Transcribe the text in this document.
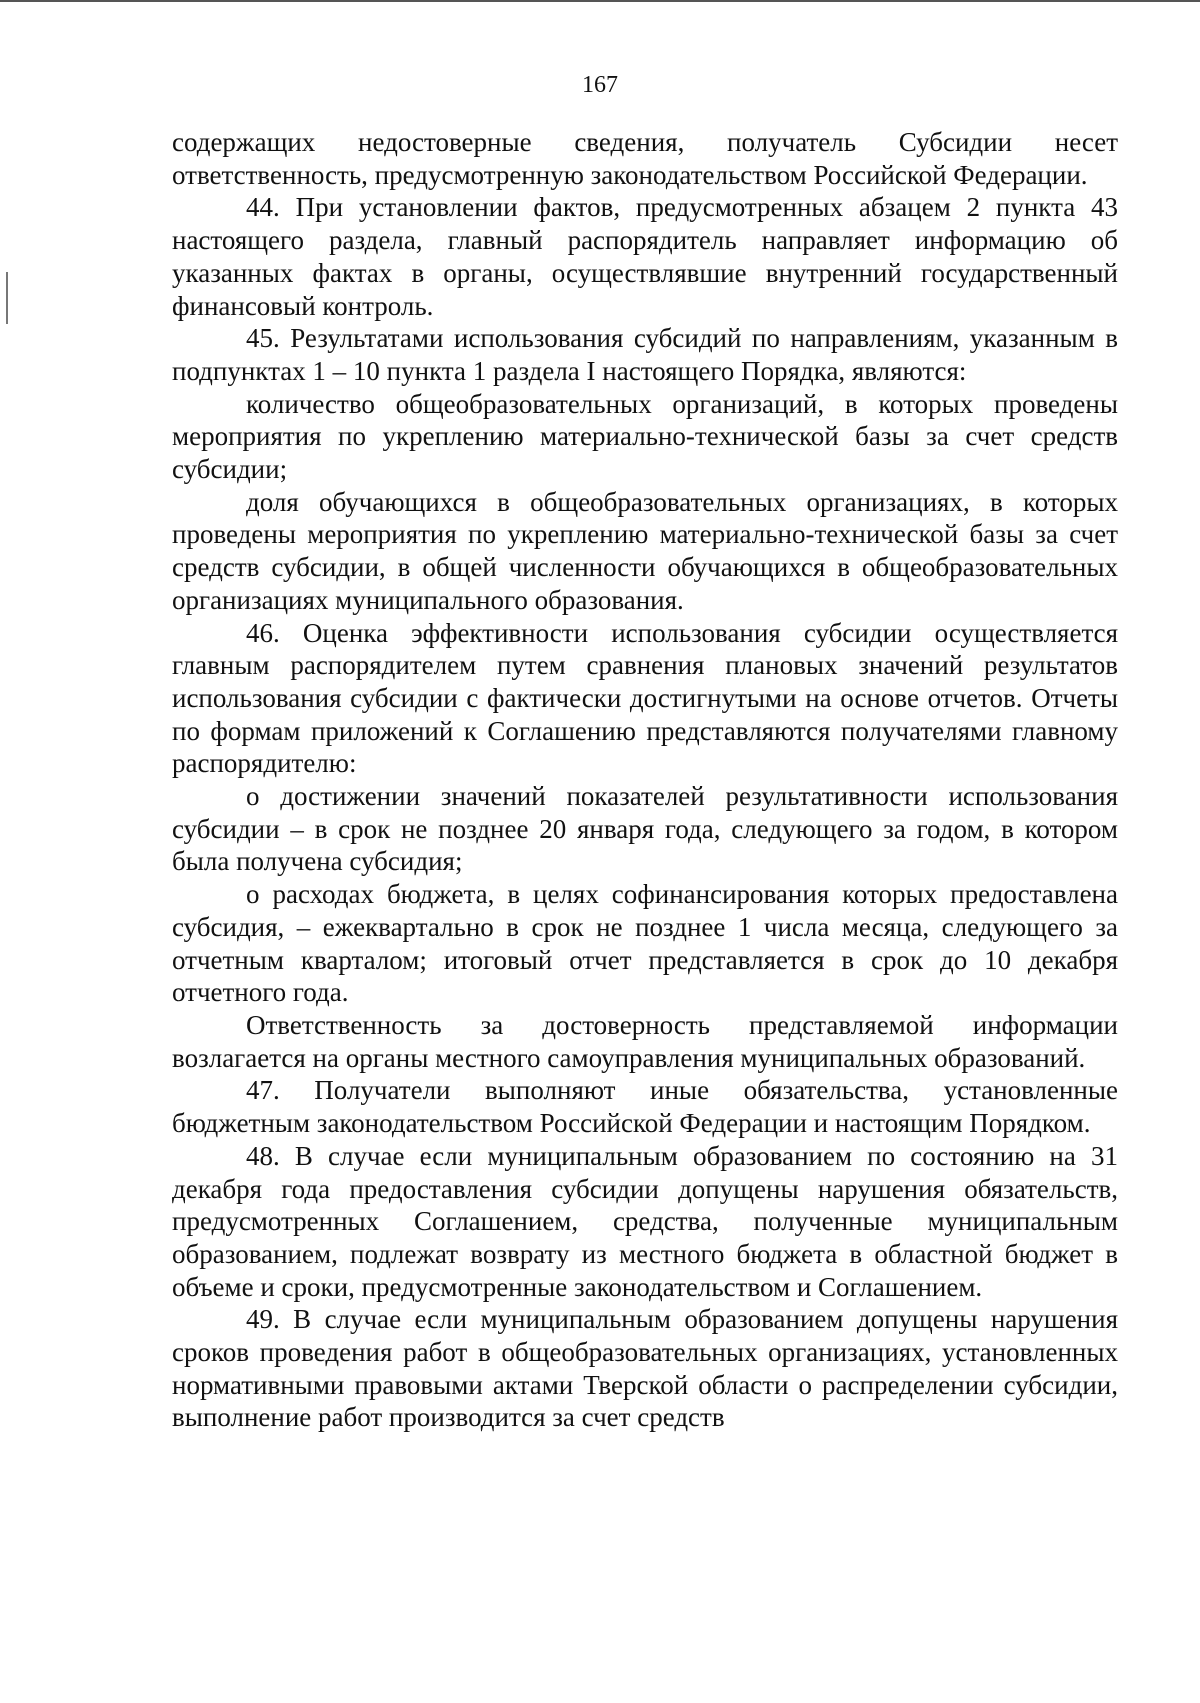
167

содержащих недостоверные сведения, получатель Субсидии несет ответственность, предусмотренную законодательством Российской Федерации.

44. При установлении фактов, предусмотренных абзацем 2 пункта 43 настоящего раздела, главный распорядитель направляет информацию об указанных фактах в органы, осуществлявшие внутренний государственный финансовый контроль.

45. Результатами использования субсидий по направлениям, указанным в подпунктах 1 – 10 пункта 1 раздела I настоящего Порядка, являются:

количество общеобразовательных организаций, в которых проведены мероприятия по укреплению материально-технической базы за счет средств субсидии;

доля обучающихся в общеобразовательных организациях, в которых проведены мероприятия по укреплению материально-технической базы за счет средств субсидии, в общей численности обучающихся в общеобразовательных организациях муниципального образования.

46. Оценка эффективности использования субсидии осуществляется главным распорядителем путем сравнения плановых значений результатов использования субсидии с фактически достигнутыми на основе отчетов. Отчеты по формам приложений к Соглашению представляются получателями главному распорядителю:

о достижении значений показателей результативности использования субсидии – в срок не позднее 20 января года, следующего за годом, в котором была получена субсидия;

о расходах бюджета, в целях софинансирования которых предоставлена субсидия, – ежеквартально в срок не позднее 1 числа месяца, следующего за отчетным кварталом; итоговый отчет представляется в срок до 10 декабря отчетного года.

Ответственность за достоверность представляемой информации возлагается на органы местного самоуправления муниципальных образований.

47. Получатели выполняют иные обязательства, установленные бюджетным законодательством Российской Федерации и настоящим Порядком.

48. В случае если муниципальным образованием по состоянию на 31 декабря года предоставления субсидии допущены нарушения обязательств, предусмотренных Соглашением, средства, полученные муниципальным образованием, подлежат возврату из местного бюджета в областной бюджет в объеме и сроки, предусмотренные законодательством и Соглашением.

49. В случае если муниципальным образованием допущены нарушения сроков проведения работ в общеобразовательных организациях, установленных нормативными правовыми актами Тверской области о распределении субсидии, выполнение работ производится за счет средств
